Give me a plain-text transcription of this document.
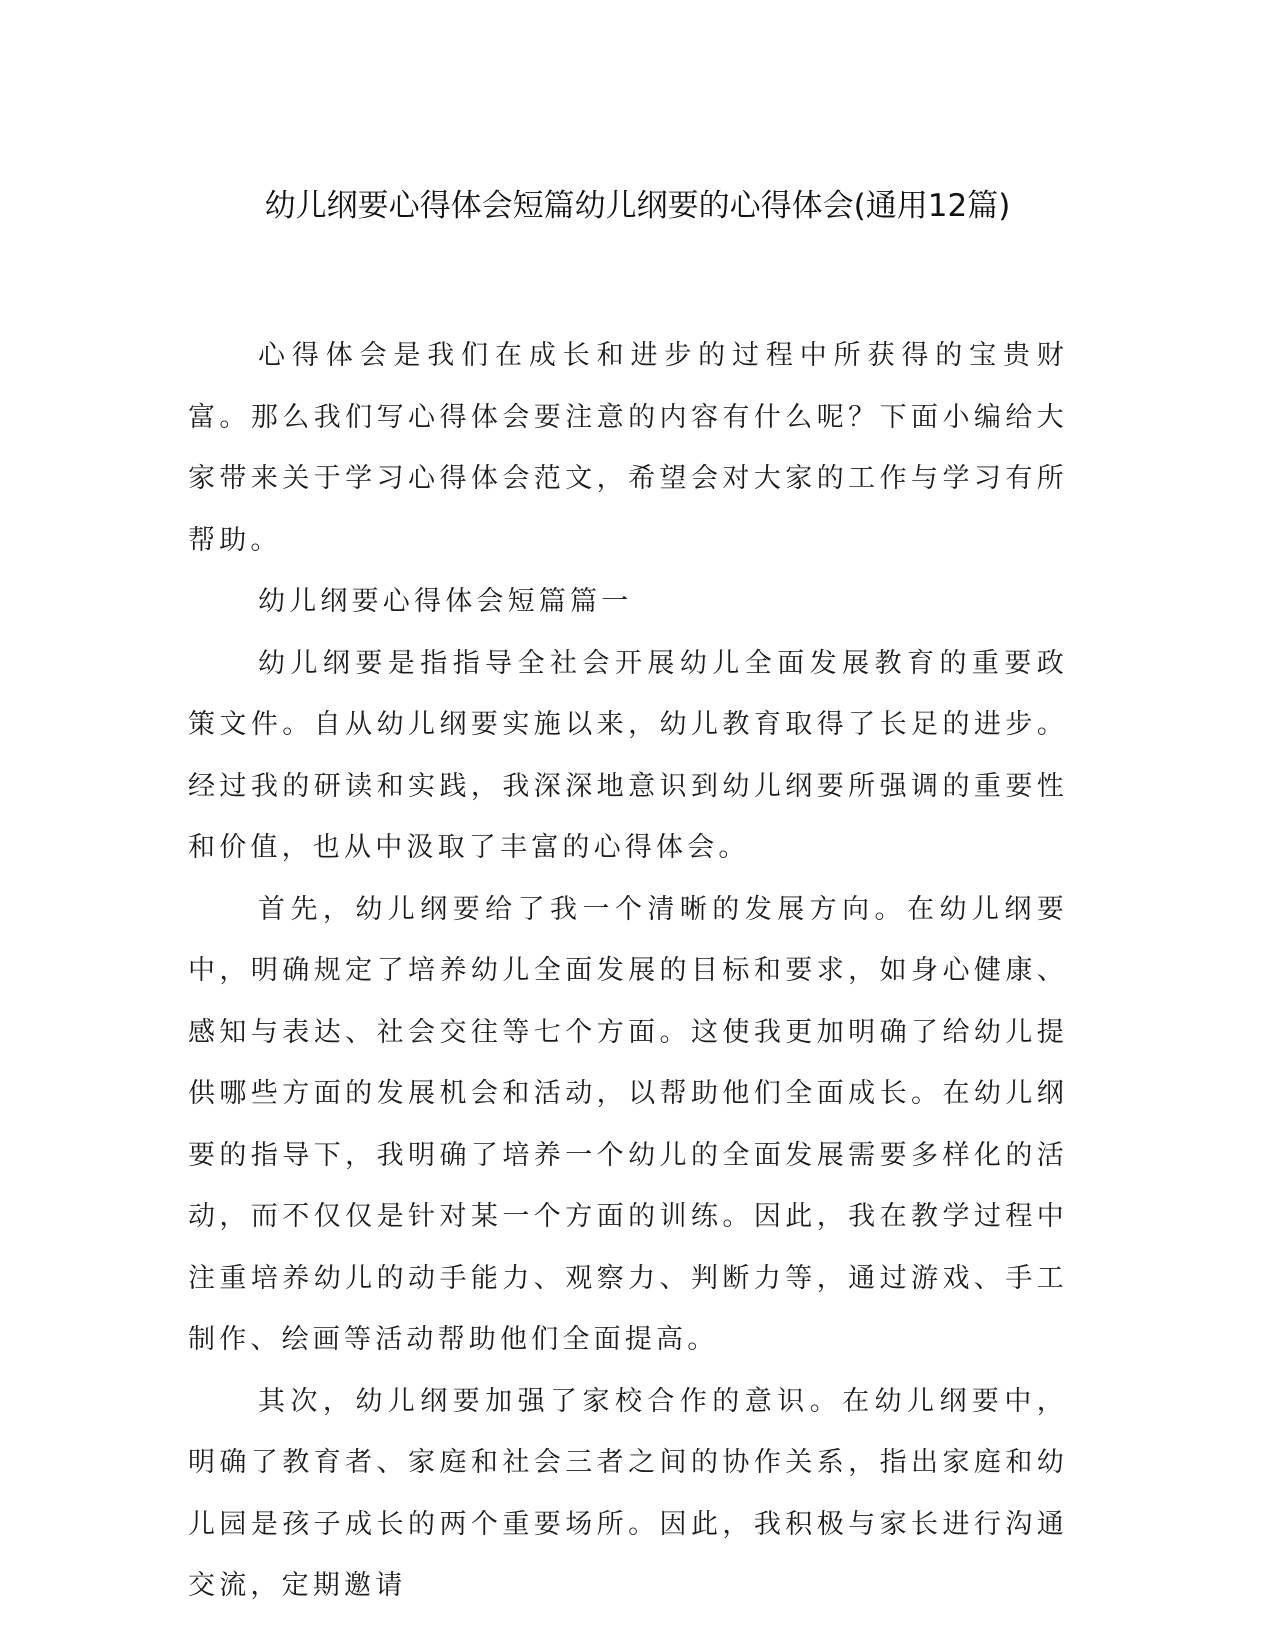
幼儿纲要心得体会短篇幼儿纲要的心得体会(通用12篇)

心得体会是我们在成长和进步的过程中所获得的宝贵财富。那么我们写心得体会要注意的内容有什么呢？下面小编给大家带来关于学习心得体会范文，希望会对大家的工作与学习有所帮助。

幼儿纲要心得体会短篇篇一

幼儿纲要是指指导全社会开展幼儿全面发展教育的重要政策文件。自从幼儿纲要实施以来，幼儿教育取得了长足的进步。经过我的研读和实践，我深深地意识到幼儿纲要所强调的重要性和价值，也从中汲取了丰富的心得体会。

首先，幼儿纲要给了我一个清晰的发展方向。在幼儿纲要中，明确规定了培养幼儿全面发展的目标和要求，如身心健康、感知与表达、社会交往等七个方面。这使我更加明确了给幼儿提供哪些方面的发展机会和活动，以帮助他们全面成长。在幼儿纲要的指导下，我明确了培养一个幼儿的全面发展需要多样化的活动，而不仅仅是针对某一个方面的训练。因此，我在教学过程中注重培养幼儿的动手能力、观察力、判断力等，通过游戏、手工制作、绘画等活动帮助他们全面提高。

其次，幼儿纲要加强了家校合作的意识。在幼儿纲要中，明确了教育者、家庭和社会三者之间的协作关系，指出家庭和幼儿园是孩子成长的两个重要场所。因此，我积极与家长进行沟通交流，定期邀请
